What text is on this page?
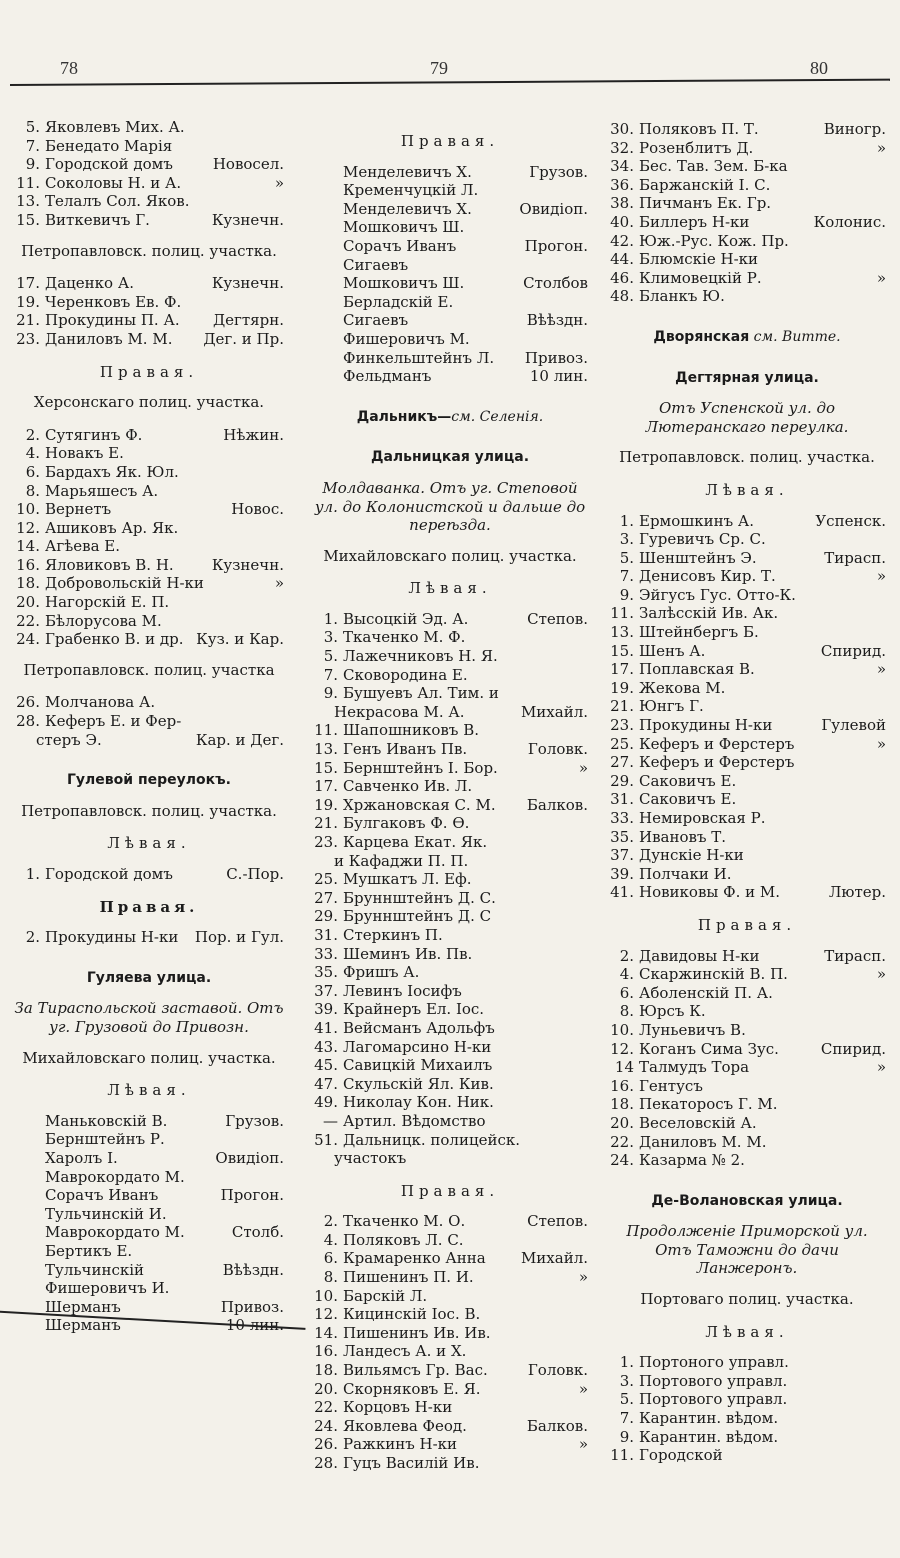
78	79	80
5. Яковлевъ Мих. А.
7. Бенедато Марія
9. Городской домъ	Новосел.
11. Соколовы Н. и А.	»
13. Телалъ Сол. Яков.
15. Виткевичъ Г.	Кузнечн.
Петропавловск. полиц. участка.
17. Даценко А.	Кузнечн.
19. Черенковъ Ев. Ф.
21. Прокудины П. А.	Дегтярн.
23. Даниловъ М. М.	Дег. и Пр.
Правая.
Херсонскаго полиц. участка.
2. Сутягинъ Ф.	Нѣжин.
4. Новакъ Е.
6. Бардахъ Як. Юл.
8. Марьяшесъ А.
10. Вернетъ	Новос.
12. Ашиковъ Ар. Як.
14. Агѣева Е.
16. Яловиковъ В. Н.	Кузнечн.
18. Добровольскій Н-ки	»
20. Нагорскій Е. П.
22. Бѣлорусова М.
24. Грабенко В. и др. Куз. и Кар.
Петропавловск. полиц. участка
26. Молчанова А.
28. Кеферъ Е. и Фер-
стеръ Э.	Кар. и Дег.
Гулевой переулокъ.
Петропавловск. полиц. участка.
Лѣвая.
1. Городской домъ	С.-Пор.
Правая.
2. Прокудины Н-ки	Пор. и Гул.
Гуляева улица.
За Тираспольской заставой. Отъ уг. Грузовой до Привозн.
Михайловскаго полиц. участка.
Лѣвая.
Маньковскій В.	Грузов.
Бернштейнъ Р.
Харолъ І.	Овидіоп.
Маврокордато М.
Сорачъ Иванъ	Прогон.
Тульчинскій И.
Маврокордато М.	Столб.
Бертикъ Е.
Тульчинскій	Вѣѣздн.
Фишеровичъ И.
Шерманъ	Привоз.
Шерманъ	10 лин.
Правая.
Менделевичъ Х.	Грузов.
Кременчуцкій Л.
Менделевичъ Х.	Овидіоп.
Мошковичъ Ш.
Сорачъ Иванъ	Прогон.
Сигаевъ
Мошковичъ Ш.	Столбов
Берладскій Е.
Сигаевъ	Вѣѣздн.
Фишеровичъ М.
Финкельштейнъ Л.	Привоз.
Фельдманъ	10 лин.
Дальникъ—см. Селенія.
Дальницкая улица.
Молдаванка. Отъ уг. Степовой ул. до Колонистской и дальше до переѣзда.
Михайловскаго полиц. участка.
Лѣвая.
1. Высоцкій Эд. А.	Степов.
3. Ткаченко М. Ф.
5. Лажечниковъ Н. Я.
7. Сковородина Е.
9. Бушуевъ Ал. Тим. и
Некрасова М. А.	Михайл.
11. Шапошниковъ В.
13. Генъ Иванъ Пв.	Головк.
15. Бернштейнъ І. Бор.	»
17. Савченко Ив. Л.
19. Хржановская С. М.	Балков.
21. Булгаковъ Ф. Ѳ.
23. Карцева Екат. Як.
и Кафаджи П. П.
25. Мушкатъ Л. Еф.
27. Бруннштейнъ Д. С.
29. Бруннштейнъ Д. С
31. Стеркинъ П.
33. Шеминъ Ив. Пв.
35. Фришъ А.
37. Левинъ Іосифъ
39. Крайнеръ Ел. Іос.
41. Вейсманъ Адольфъ
43. Лагомарсино Н-ки
45. Савицкій Михаилъ
47. Скульскій Ял. Кив.
49. Николау Кон. Ник.
— Артил. Вѣдомство
51. Дальницк. полицейск.
участокъ
Правая.
2. Ткаченко М. О.	Степов.
4. Поляковъ Л. С.
6. Крамаренко Анна	Михайл.
8. Пишенинъ П. И.	»
10. Барскій Л.
12. Кицинскій Іос. В.
14. Пишенинъ Ив. Ив.
16. Ландесъ А. и Х.
18. Вильямсъ Гр. Вас.	Головк.
20. Скорняковъ Е. Я.	»
22. Корцовъ Н-ки
24. Яковлева Феод.	Балков.
26. Ражкинъ Н-ки	»
28. Гуцъ Василій Ив.
30. Поляковъ П. Т.	Виногр.
32. Розенблитъ Д.	»
34. Бес. Тав. Зем. Б-ка
36. Баржанскій І. С.
38. Пичманъ Ек. Гр.
40. Биллеръ Н-ки	Колонис.
42. Юж.-Рус. Кож. Пр.
44. Блюмскіе Н-ки
46. Климовецкій Р.	»
48. Бланкъ Ю.
Дворянская см. Витте.
Дегтярная улица.
Отъ Успенской ул. до Лютеранскаго переулка.
Петропавловск. полиц. участка.
Лѣвая.
1. Ермошкинъ А.	Успенск.
3. Гуревичъ Ср. С.
5. Шенштейнъ Э.	Тирасп.
7. Денисовъ Кир. Т.	»
9. Эйгусъ Гус. Отто-К.
11. Залѣсскій Ив. Ак.
13. Штейнбергъ Б.
15. Шенъ А.	Спирид.
17. Поплавская В.	»
19. Жекова М.
21. Юнгъ Г.
23. Прокудины Н-ки	Гулевой
25. Кеферъ и Ферстеръ	»
27. Кеферъ и Ферстеръ
29. Саковичъ Е.
31. Саковичъ Е.
33. Немировская Р.
35. Ивановъ Т.
37. Дунскіе Н-ки
39. Полчаки И.
41. Новиковы Ф. и М.	Лютер.
Правая.
2. Давидовы Н-ки	Тирасп.
4. Скаржинскій В. П.	»
6. Аболенскій П. А.
8. Юрсъ К.
10. Луньевичъ В.
12. Коганъ Сима Зус.	Спирид.
14 Талмудъ Тора	»
16. Гентусъ
18. Пекаторосъ Г. М.
20. Веселовскій А.
22. Даниловъ М. М.
24. Казарма № 2.
Де-Волановская улица.
Продолженіе Приморской ул. Отъ Таможни до дачи Ланжеронъ.
Портоваго полиц. участка.
Лѣвая.
1. Портоного управл.
3. Портового управл.
5. Портового управл.
7. Карантин. вѣдом.
9. Карантин. вѣдом.
11. Городской
